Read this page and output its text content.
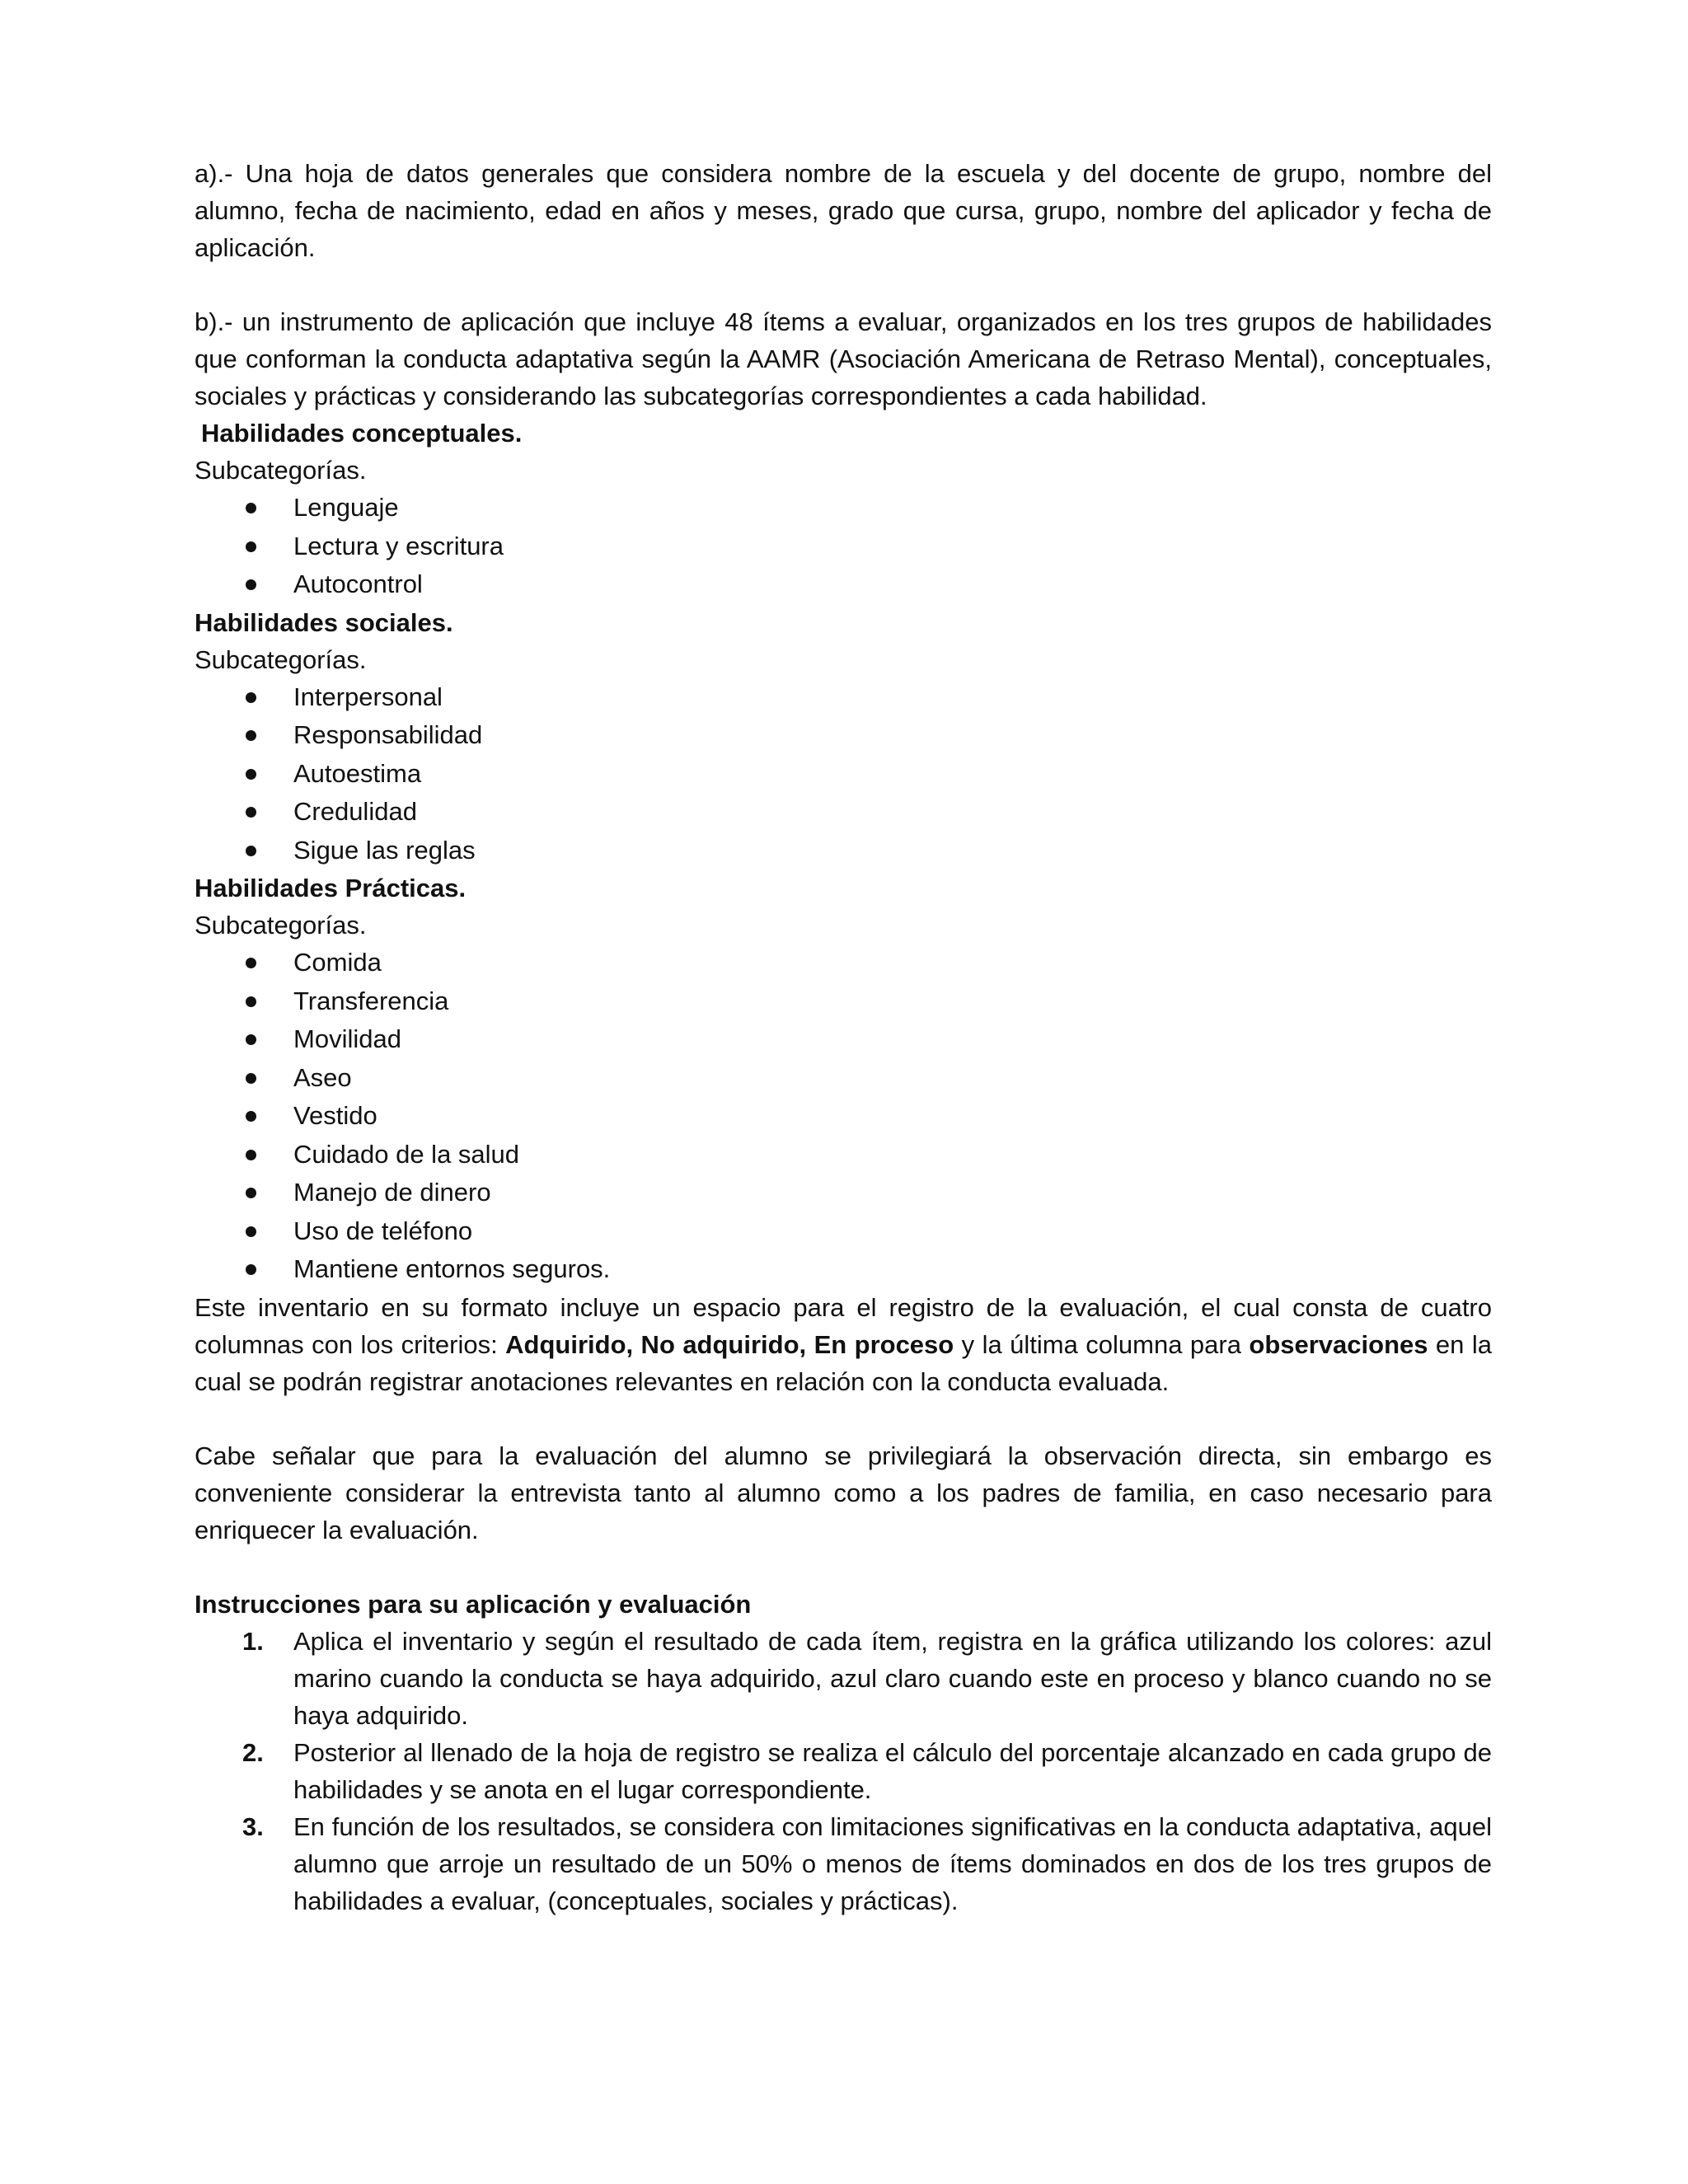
a).- Una hoja de datos generales que considera nombre de la escuela y del docente de grupo, nombre del alumno, fecha de nacimiento, edad en años y meses, grado que cursa, grupo, nombre del aplicador y fecha de aplicación.

b).- un instrumento de aplicación que incluye 48 ítems a evaluar, organizados en los tres grupos de habilidades que conforman la conducta adaptativa según la AAMR (Asociación Americana de Retraso Mental), conceptuales, sociales y prácticas y considerando las subcategorías correspondientes a cada habilidad.

Habilidades conceptuales.

Subcategorías.

Lenguaje
Lectura y escritura
Autocontrol

Habilidades sociales.

Subcategorías.

Interpersonal
Responsabilidad
Autoestima
Credulidad
Sigue las reglas

Habilidades Prácticas.

Subcategorías.

Comida
Transferencia
Movilidad
Aseo
Vestido
Cuidado de la salud
Manejo de dinero
Uso de teléfono
Mantiene entornos seguros.

Este inventario en su formato incluye un espacio para el registro de la evaluación, el cual consta de cuatro columnas con los criterios: Adquirido, No adquirido, En proceso y la última columna para observaciones en la cual se podrán registrar anotaciones relevantes en relación con la conducta evaluada.

Cabe señalar que para la evaluación del alumno se privilegiará la observación directa, sin embargo es conveniente considerar la entrevista tanto al alumno como a los padres de familia, en caso necesario para enriquecer la evaluación.

Instrucciones para su aplicación y evaluación

1. Aplica el inventario y según el resultado de cada ítem, registra en la gráfica utilizando los colores: azul marino cuando la conducta se haya adquirido, azul claro cuando este en proceso y blanco cuando no se haya adquirido.
2. Posterior al llenado de la hoja de registro se realiza el cálculo del porcentaje alcanzado en cada grupo de habilidades y se anota en el lugar correspondiente.
3. En función de los resultados, se considera con limitaciones significativas en la conducta adaptativa, aquel alumno que arroje un resultado de un 50% o menos de ítems dominados en dos de los tres grupos de habilidades a evaluar, (conceptuales, sociales y prácticas).
